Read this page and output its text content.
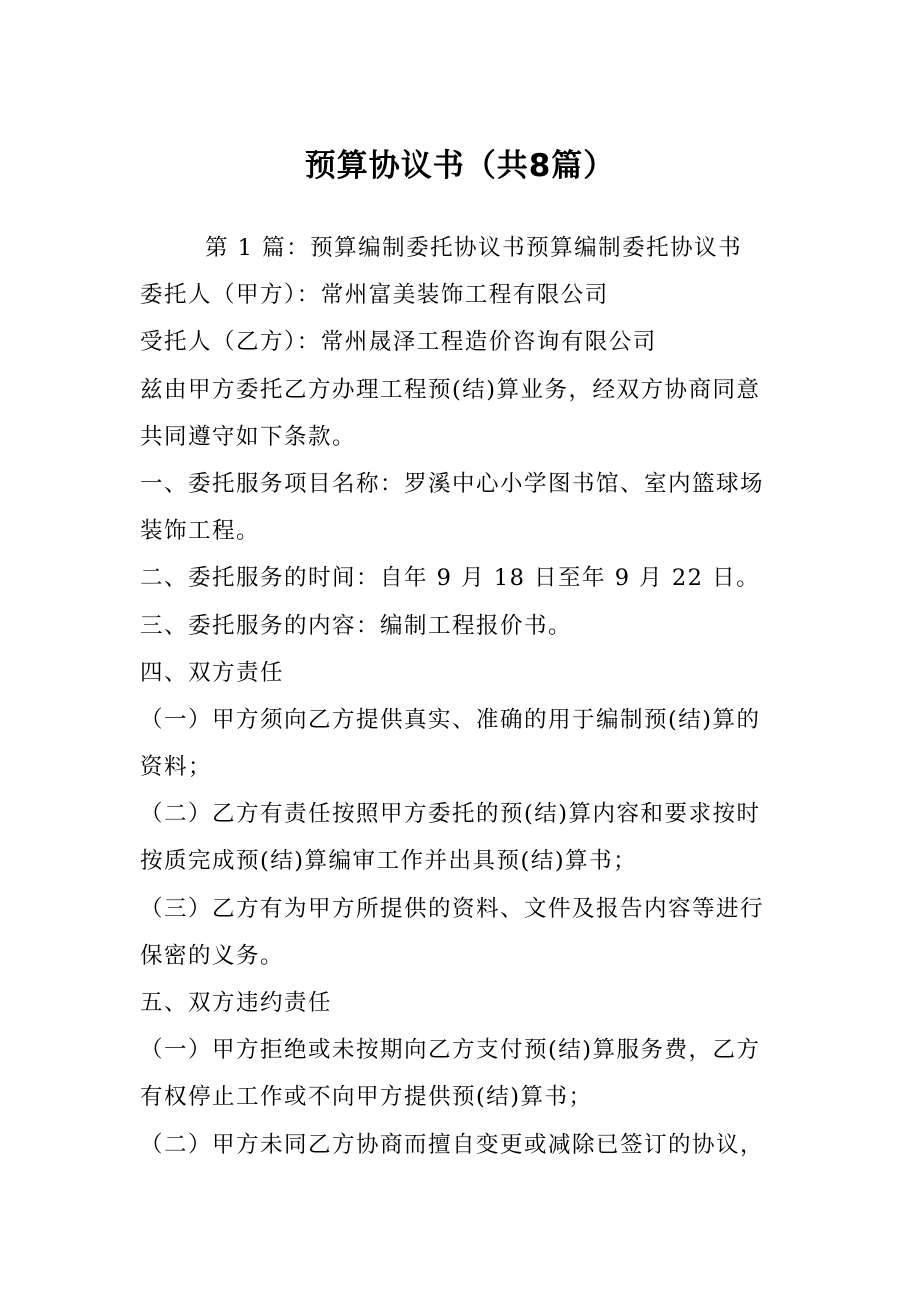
预算协议书（共8篇）
第 1 篇：预算编制委托协议书预算编制委托协议书
委托人（甲方）：常州富美装饰工程有限公司
受托人（乙方）：常州晟泽工程造价咨询有限公司
兹由甲方委托乙方办理工程预(结)算业务，经双方协商同意
共同遵守如下条款。
一、委托服务项目名称：罗溪中心小学图书馆、室内篮球场
装饰工程。
二、委托服务的时间：自年 9 月 18 日至年 9 月 22 日。
三、委托服务的内容：编制工程报价书。
四、双方责任
（一）甲方须向乙方提供真实、准确的用于编制预(结)算的
资料；
（二）乙方有责任按照甲方委托的预(结)算内容和要求按时
按质完成预(结)算编审工作并出具预(结)算书；
（三）乙方有为甲方所提供的资料、文件及报告内容等进行
保密的义务。
五、双方违约责任
（一）甲方拒绝或未按期向乙方支付预(结)算服务费，乙方
有权停止工作或不向甲方提供预(结)算书；
（二）甲方未同乙方协商而擅自变更或减除已签订的协议，
